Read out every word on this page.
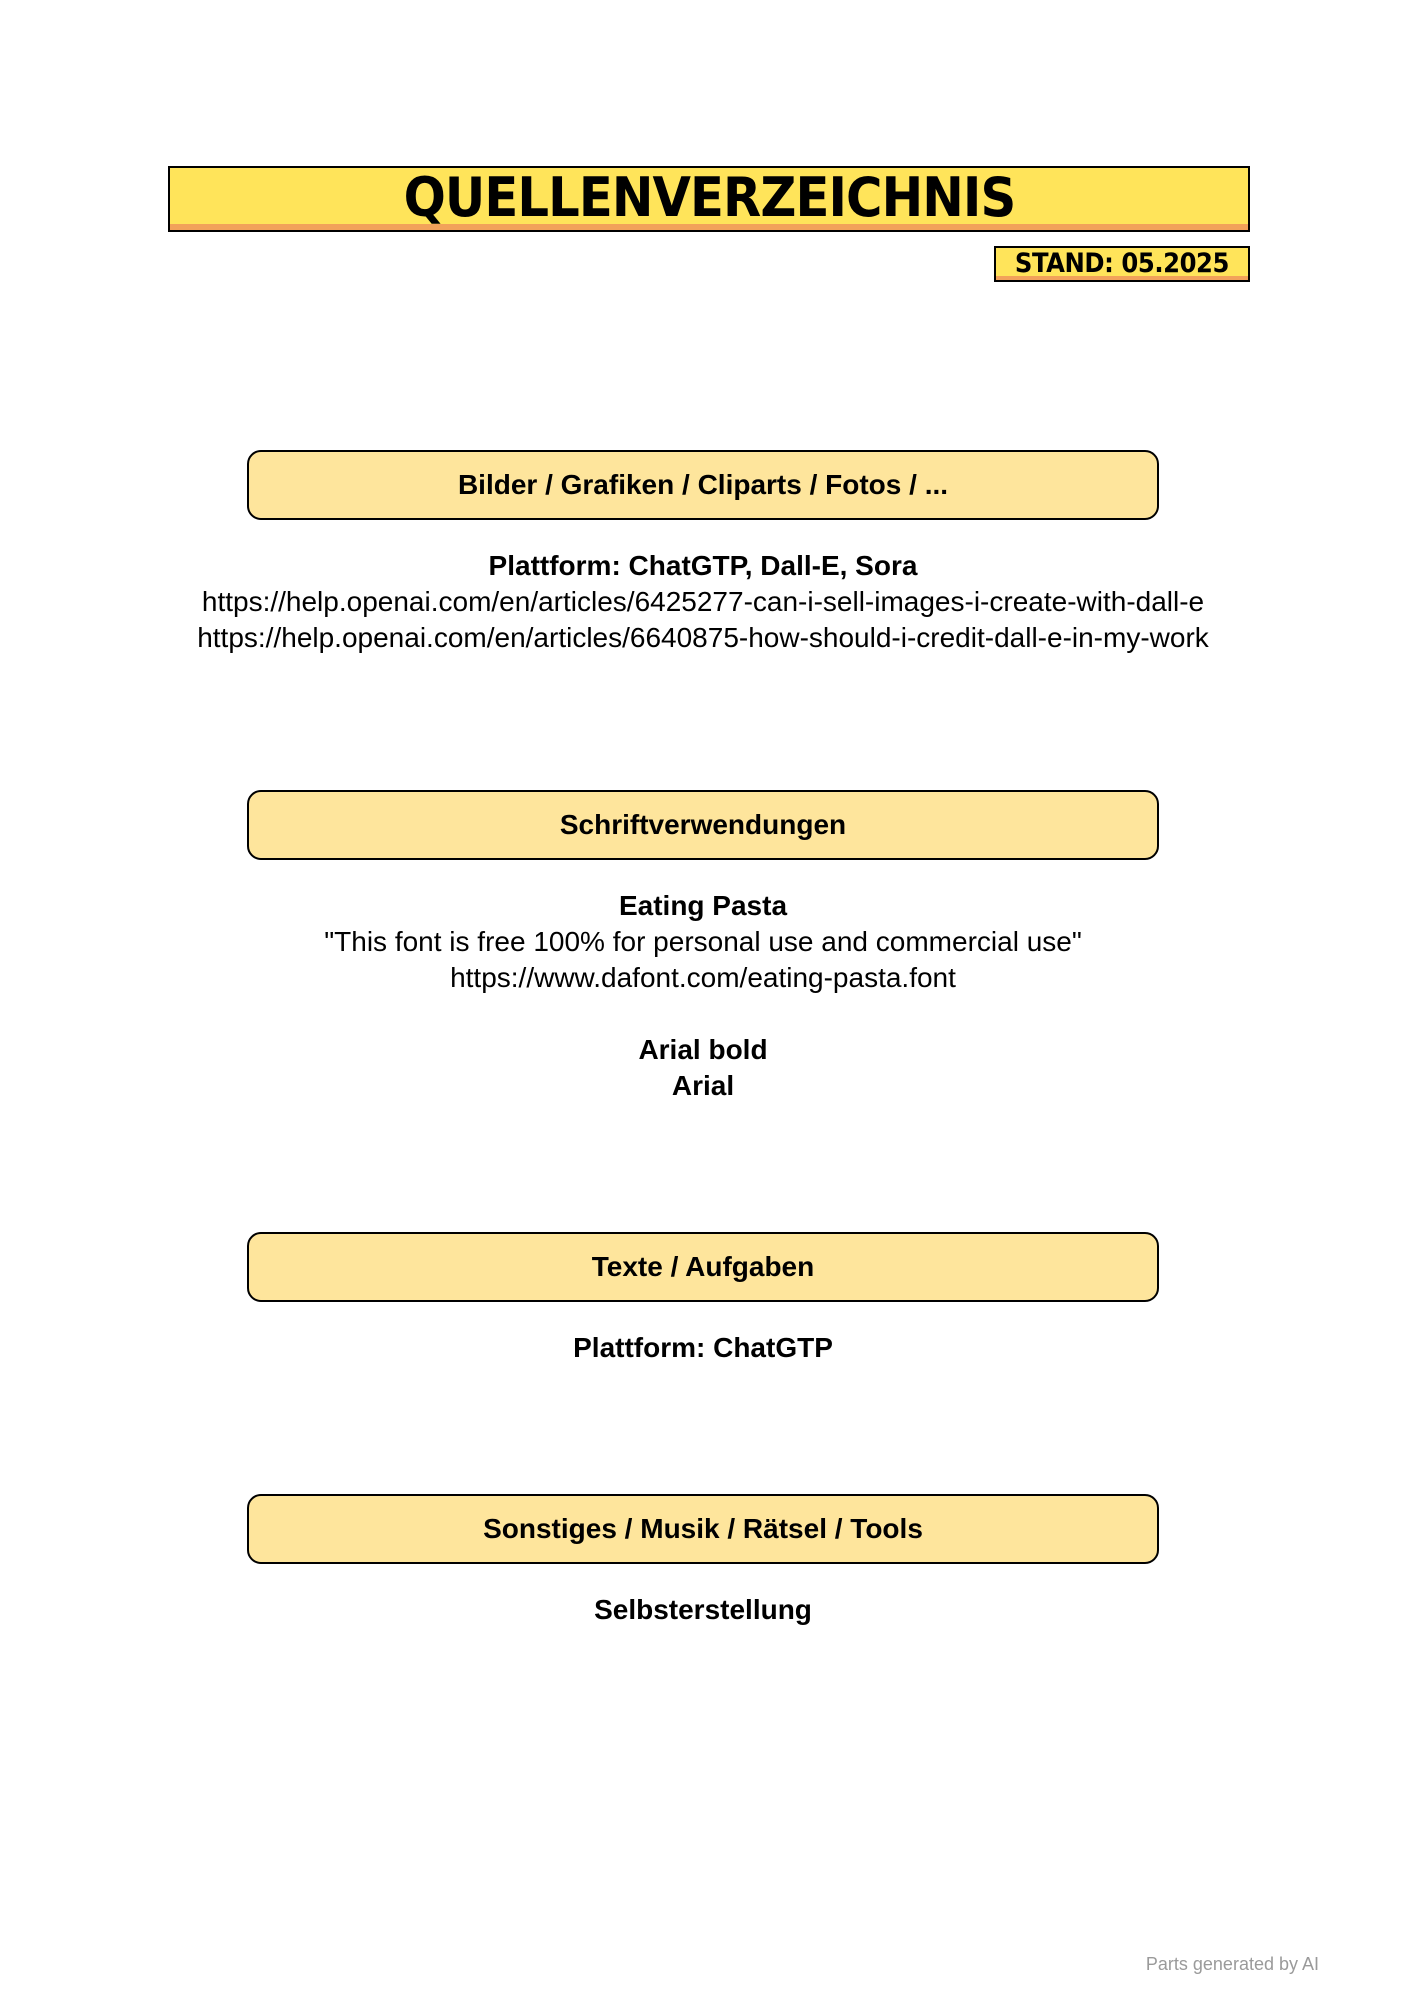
QUELLENVERZEICHNIS
STAND: 05.2025
Bilder / Grafiken / Cliparts / Fotos / ...
Plattform: ChatGTP, Dall-E, Sora
https://help.openai.com/en/articles/6425277-can-i-sell-images-i-create-with-dall-e
https://help.openai.com/en/articles/6640875-how-should-i-credit-dall-e-in-my-work
Schriftverwendungen
Eating Pasta
"This font is free 100% for personal use and commercial use"
https://www.dafont.com/eating-pasta.font
Arial bold
Arial
Texte / Aufgaben
Plattform: ChatGTP
Sonstiges / Musik / Rätsel / Tools
Selbsterstellung
Parts generated by AI
